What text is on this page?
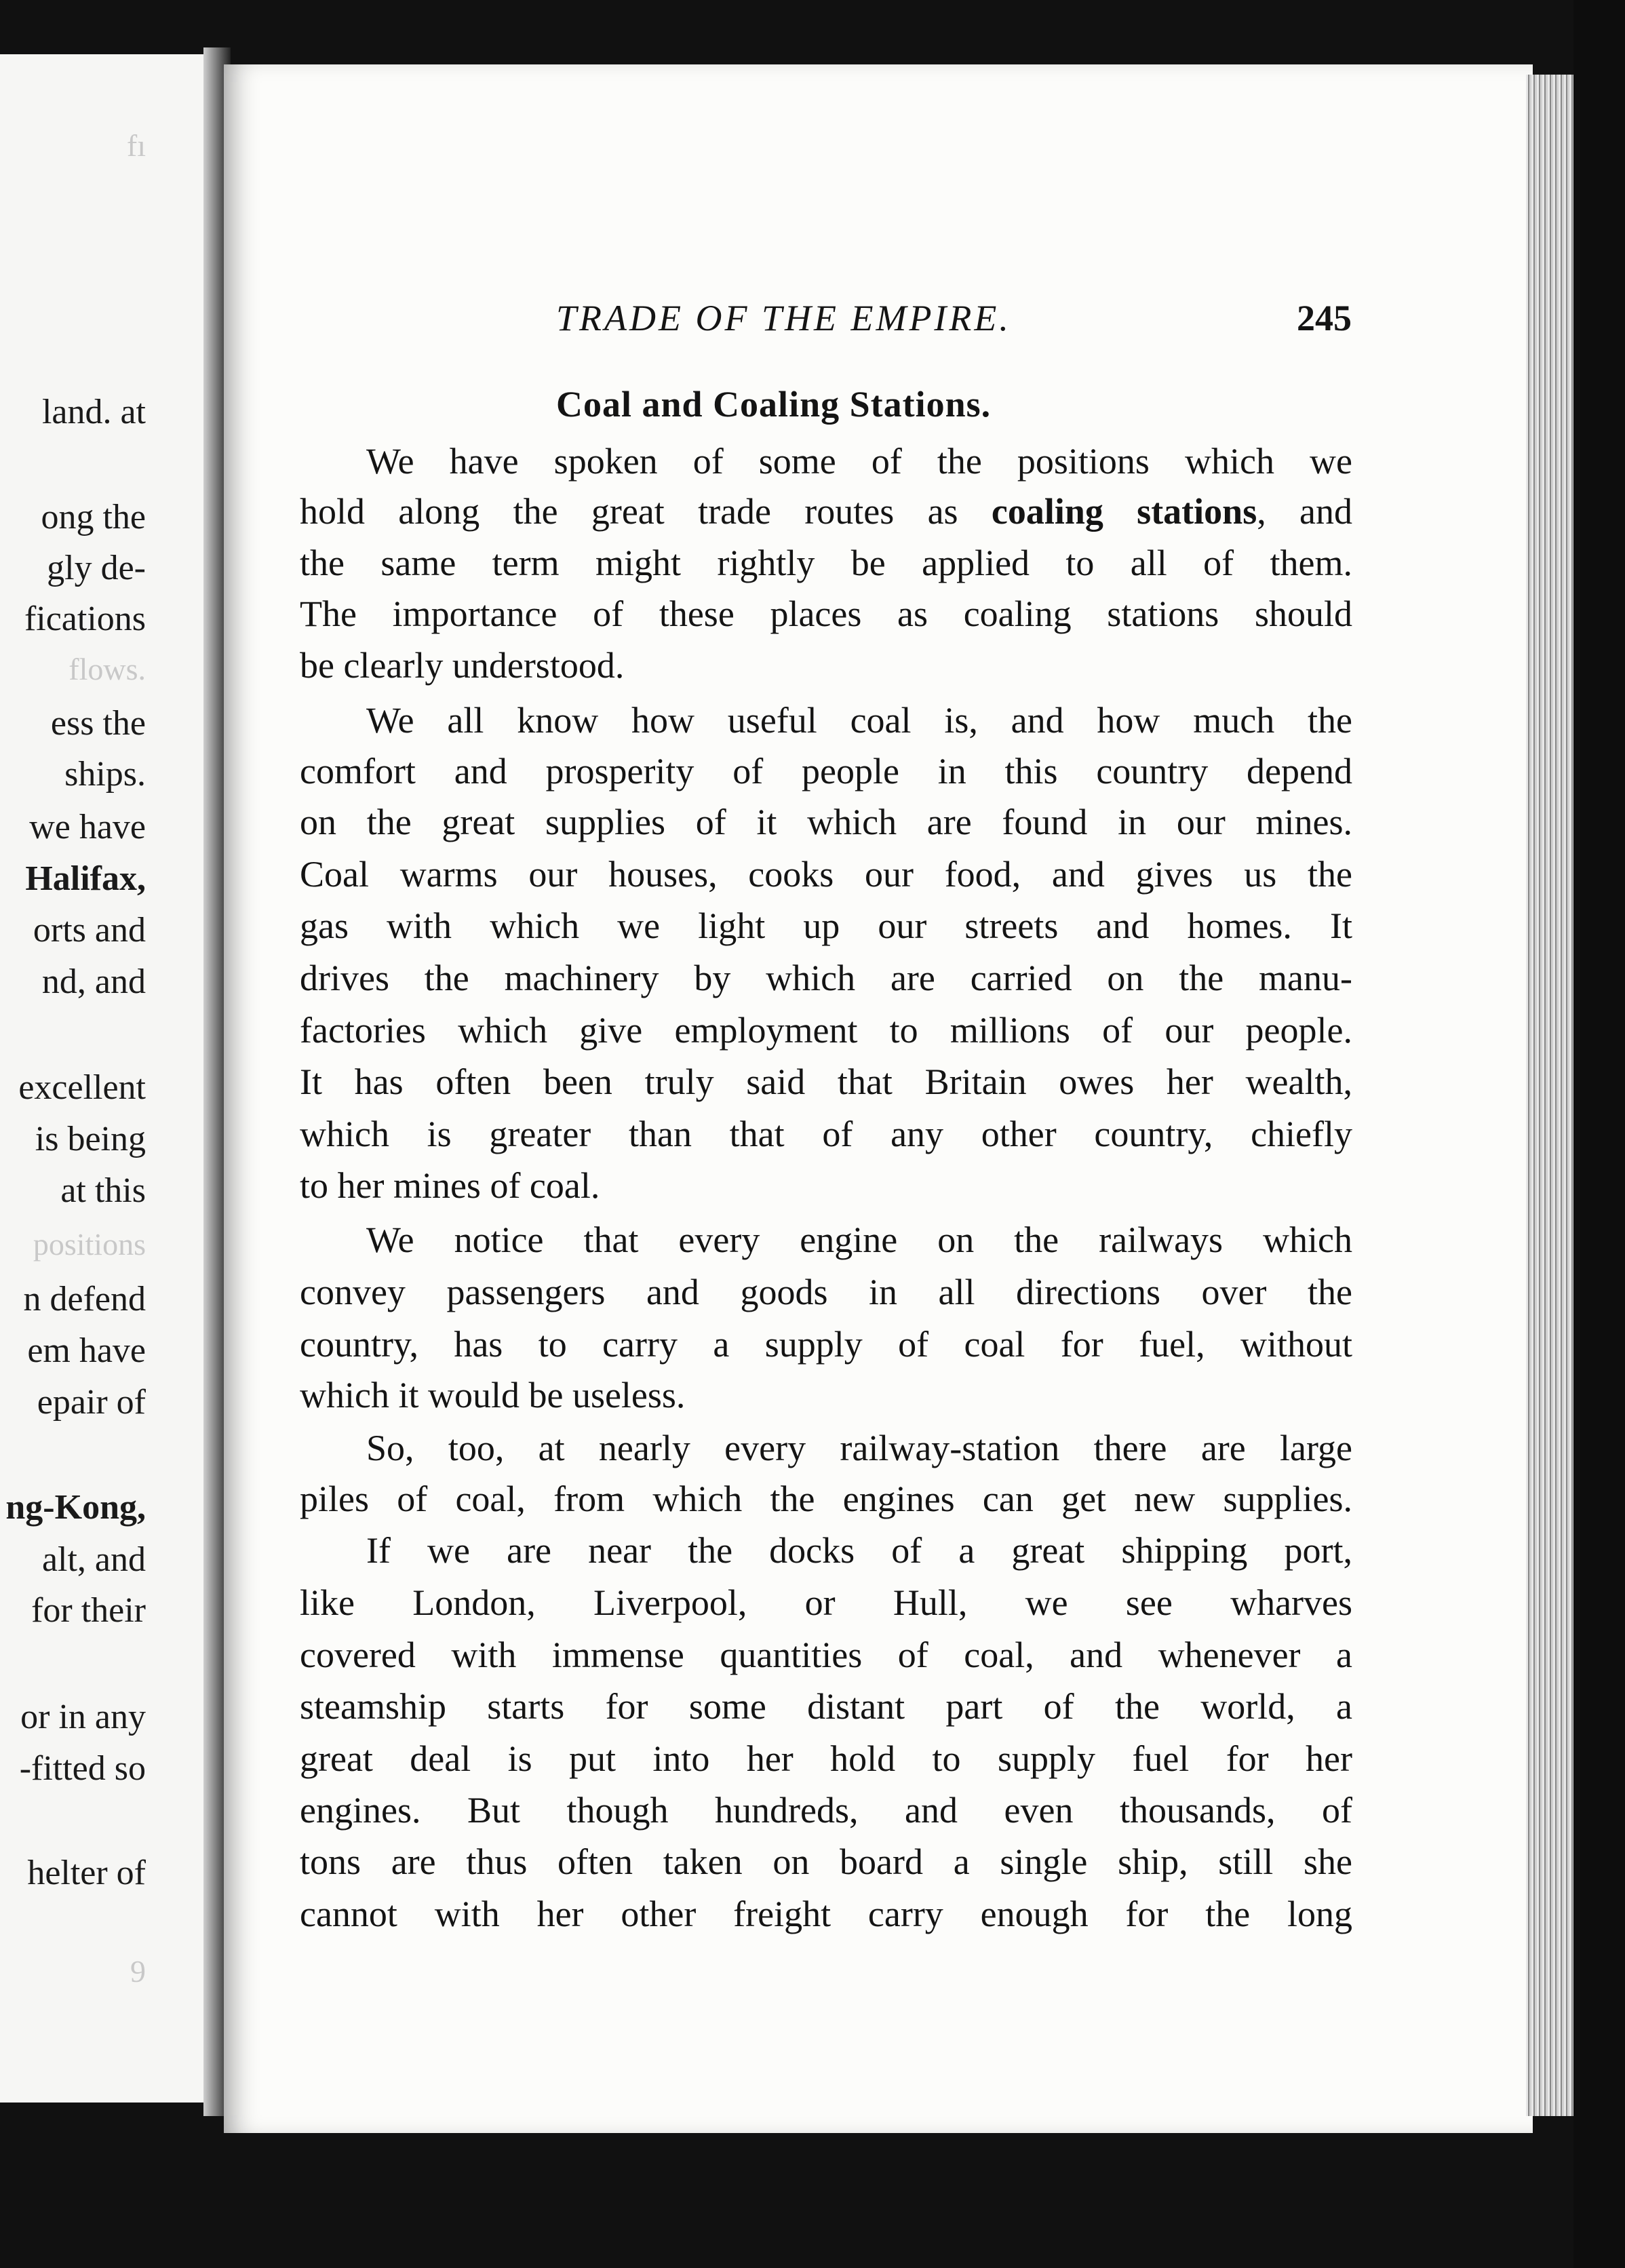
land. at
ong the
gly de-
fications
ess the
ships.
we have
Halifax,
orts and
nd, and
excellent
is being
at this
n defend
em have
epair of
ng-Kong,
alt, and
for their
or in any
-fitted so
helter of
fı
flows.
positions
9
TRADE OF THE EMPIRE.	245
Coal and Coaling Stations.
We have spoken of some of the positions which we
hold along the great trade routes as coaling stations, and
the same term might rightly be applied to all of them.
The importance of these places as coaling stations should
be clearly understood.
We all know how useful coal is, and how much the
comfort and prosperity of people in this country depend
on the great supplies of it which are found in our mines.
Coal warms our houses, cooks our food, and gives us the
gas with which we light up our streets and homes. It
drives the machinery by which are carried on the manu-
factories which give employment to millions of our people.
It has often been truly said that Britain owes her wealth,
which is greater than that of any other country, chiefly
to her mines of coal.
We notice that every engine on the railways which
convey passengers and goods in all directions over the
country, has to carry a supply of coal for fuel, without
which it would be useless.
So, too, at nearly every railway-station there are large
piles of coal, from which the engines can get new supplies.
If we are near the docks of a great shipping port,
like London, Liverpool, or Hull, we see wharves
covered with immense quantities of coal, and whenever a
steamship starts for some distant part of the world, a
great deal is put into her hold to supply fuel for her
engines. But though hundreds, and even thousands, of
tons are thus often taken on board a single ship, still she
cannot with her other freight carry enough for the long
